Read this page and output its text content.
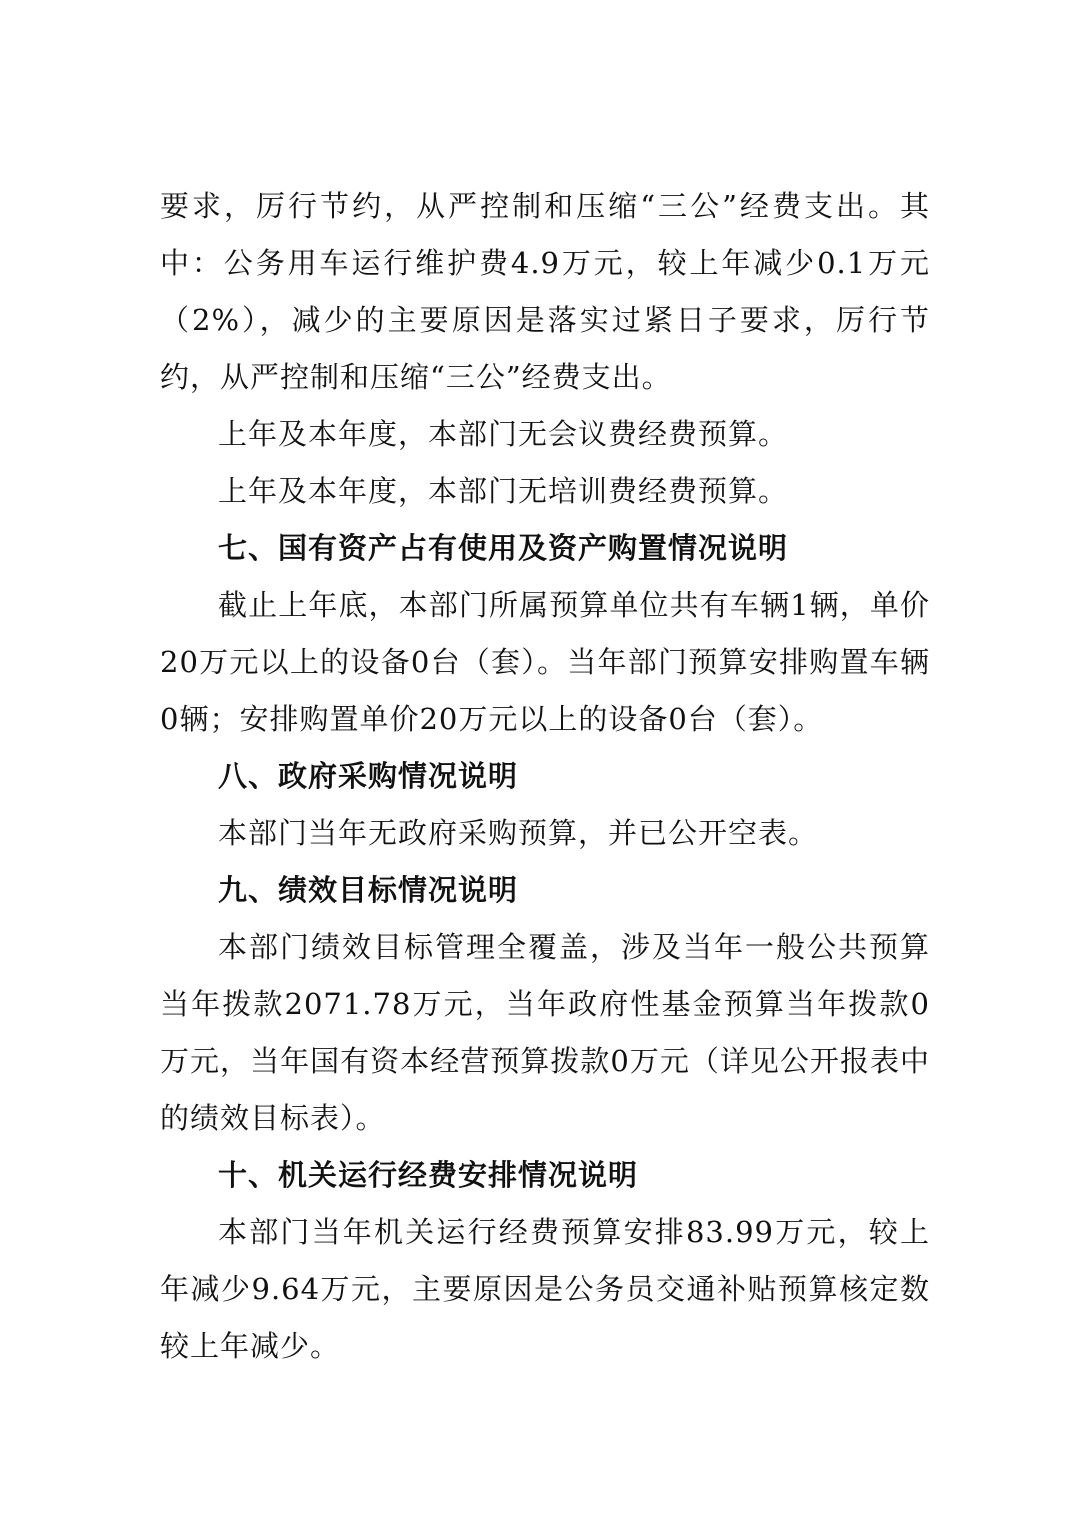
要求，厉行节约，从严控制和压缩“三公”经费支出。其中：公务用车运行维护费4.9万元，较上年减少0.1万元（2%），减少的主要原因是落实过紧日子要求，厉行节约，从严控制和压缩“三公”经费支出。

上年及本年度，本部门无会议费经费预算。

上年及本年度，本部门无培训费经费预算。

七、国有资产占有使用及资产购置情况说明

截止上年底，本部门所属预算单位共有车辆1辆，单价20万元以上的设备0台（套）。当年部门预算安排购置车辆0辆；安排购置单价20万元以上的设备0台（套）。

八、政府采购情况说明

本部门当年无政府采购预算，并已公开空表。

九、绩效目标情况说明

本部门绩效目标管理全覆盖，涉及当年一般公共预算当年拨款2071.78万元，当年政府性基金预算当年拨款0万元，当年国有资本经营预算拨款0万元（详见公开报表中的绩效目标表）。

十、机关运行经费安排情况说明

本部门当年机关运行经费预算安排83.99万元，较上年减少9.64万元，主要原因是公务员交通补贴预算核定数较上年减少。
